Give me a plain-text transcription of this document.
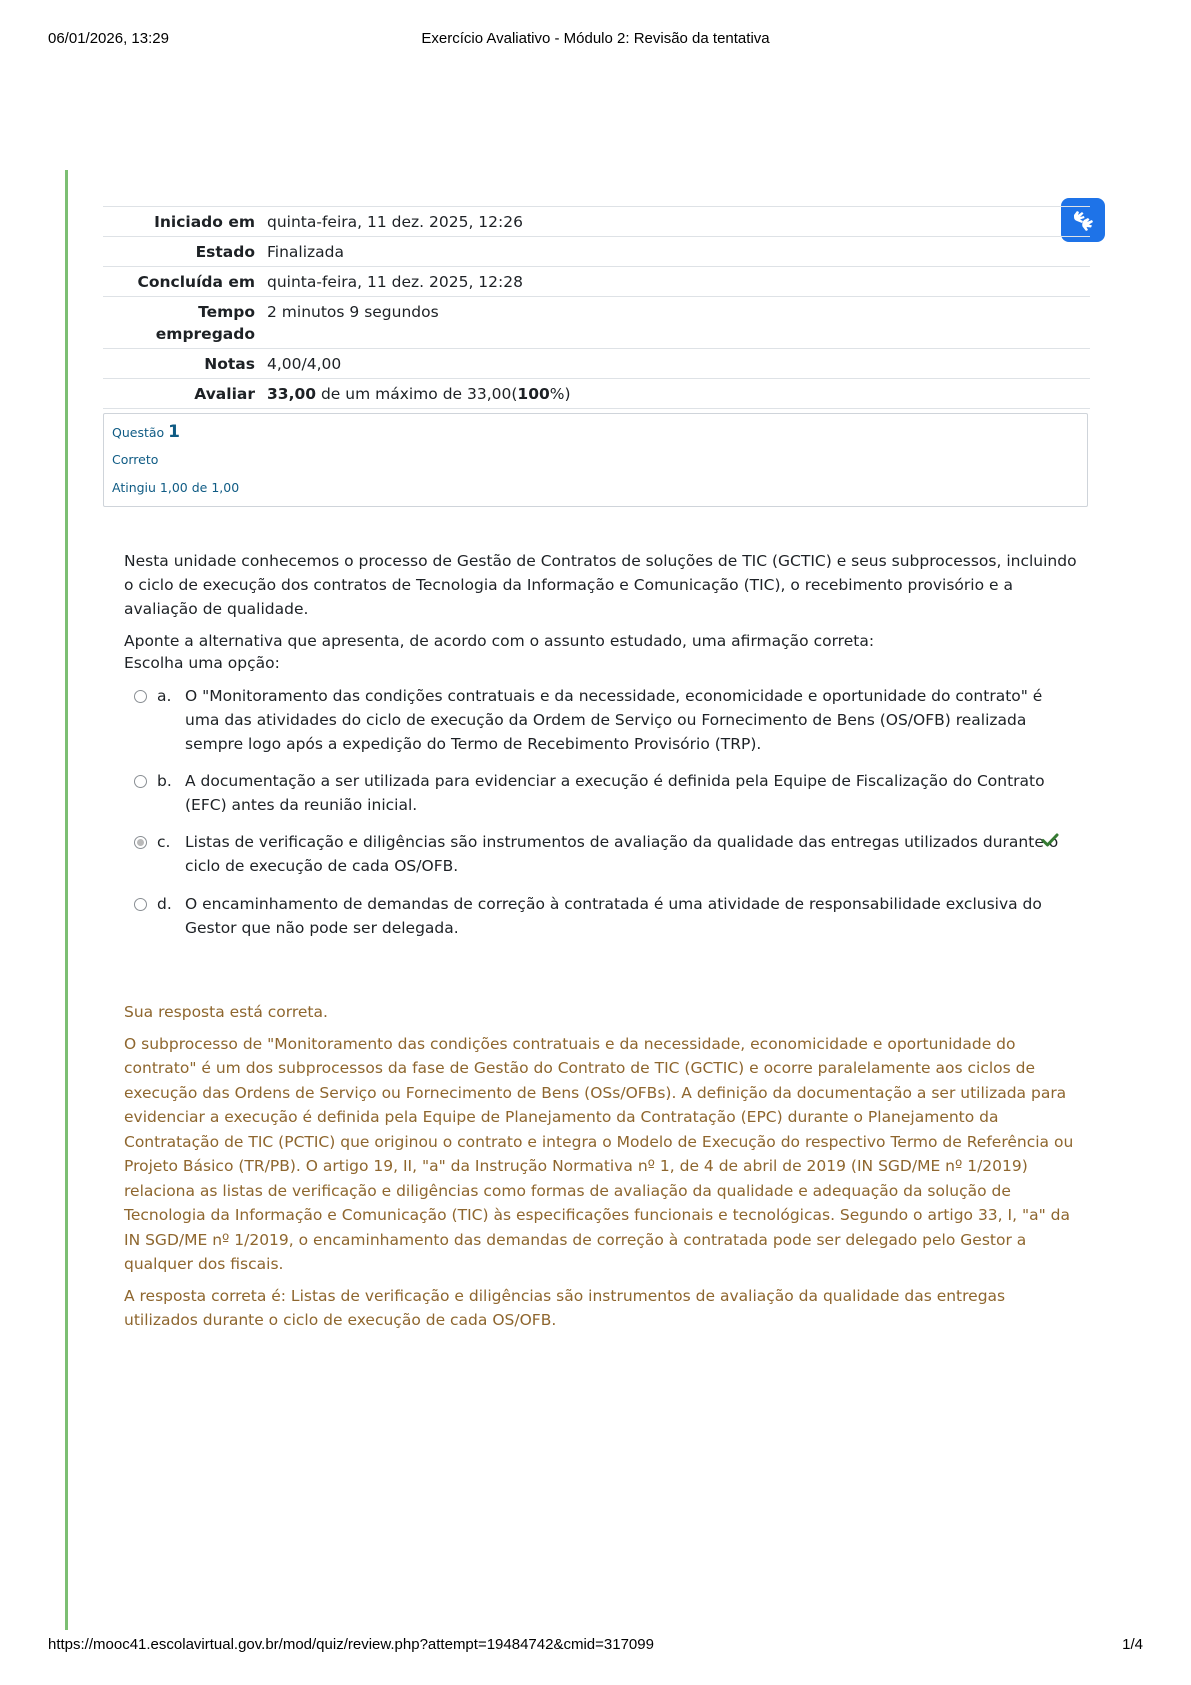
06/01/2026, 13:29	Exercício Avaliativo - Módulo 2: Revisão da tentativa
Iniciado em	quinta-feira, 11 dez. 2025, 12:26
Estado	Finalizada
Concluída em	quinta-feira, 11 dez. 2025, 12:28
Tempo empregado	2 minutos 9 segundos
Notas	4,00/4,00
Avaliar	33,00 de um máximo de 33,00(100%)
Questão 1
Correto
Atingiu 1,00 de 1,00

Nesta unidade conhecemos o processo de Gestão de Contratos de soluções de TIC (GCTIC) e seus subprocessos, incluindo o ciclo de execução dos contratos de Tecnologia da Informação e Comunicação (TIC), o recebimento provisório e a avaliação de qualidade.

Aponte a alternativa que apresenta, de acordo com o assunto estudado, uma afirmação correta:

Escolha uma opção:
a. O "Monitoramento das condições contratuais e da necessidade, economicidade e oportunidade do contrato" é uma das atividades do ciclo de execução da Ordem de Serviço ou Fornecimento de Bens (OS/OFB) realizada sempre logo após a expedição do Termo de Recebimento Provisório (TRP).
b. A documentação a ser utilizada para evidenciar a execução é definida pela Equipe de Fiscalização do Contrato (EFC) antes da reunião inicial.
c. Listas de verificação e diligências são instrumentos de avaliação da qualidade das entregas utilizados durante o ciclo de execução de cada OS/OFB.
d. O encaminhamento de demandas de correção à contratada é uma atividade de responsabilidade exclusiva do Gestor que não pode ser delegada.

Sua resposta está correta.

O subprocesso de "Monitoramento das condições contratuais e da necessidade, economicidade e oportunidade do contrato" é um dos subprocessos da fase de Gestão do Contrato de TIC (GCTIC) e ocorre paralelamente aos ciclos de execução das Ordens de Serviço ou Fornecimento de Bens (OSs/OFBs). A definição da documentação a ser utilizada para evidenciar a execução é definida pela Equipe de Planejamento da Contratação (EPC) durante o Planejamento da Contratação de TIC (PCTIC) que originou o contrato e integra o Modelo de Execução do respectivo Termo de Referência ou Projeto Básico (TR/PB). O artigo 19, II, "a" da Instrução Normativa nº 1, de 4 de abril de 2019 (IN SGD/ME nº 1/2019) relaciona as listas de verificação e diligências como formas de avaliação da qualidade e adequação da solução de Tecnologia da Informação e Comunicação (TIC) às especificações funcionais e tecnológicas. Segundo o artigo 33, I, "a" da IN SGD/ME nº 1/2019, o encaminhamento das demandas de correção à contratada pode ser delegado pelo Gestor a qualquer dos fiscais.

A resposta correta é: Listas de verificação e diligências são instrumentos de avaliação da qualidade das entregas utilizados durante o ciclo de execução de cada OS/OFB.

https://mooc41.escolavirtual.gov.br/mod/quiz/review.php?attempt=19484742&cmid=317099	1/4
